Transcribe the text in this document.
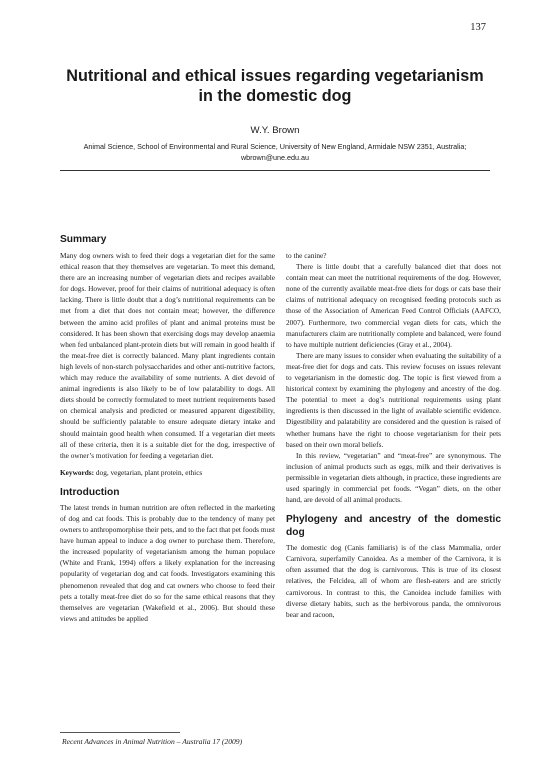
137
Nutritional and ethical issues regarding vegetarianism in the domestic dog
W.Y. Brown
Animal Science, School of Environmental and Rural Science, University of New England, Armidale NSW 2351, Australia; wbrown@une.edu.au
Summary

Many dog owners wish to feed their dogs a vegetarian diet for the same ethical reason that they themselves are vegetarian. To meet this demand, there are an increasing number of vegetarian diets and recipes available for dogs. However, proof for their claims of nutritional adequacy is often lacking. There is little doubt that a dog’s nutritional requirements can be met from a diet that does not contain meat; however, the difference between the amino acid profiles of plant and animal proteins must be considered. It has been shown that exercising dogs may develop anaemia when fed unbalanced plant-protein diets but will remain in good health if the meat-free diet is correctly balanced. Many plant ingredients contain high levels of non-starch polysaccharides and other anti-nutritive factors, which may reduce the availability of some nutrients. A diet devoid of animal ingredients is also likely to be of low palatability to dogs. All diets should be correctly formulated to meet nutrient requirements based on chemical analysis and predicted or measured apparent digestibility, should be sufficiently palatable to ensure adequate dietary intake and should maintain good health when consumed. If a vegetarian diet meets all of these criteria, then it is a suitable diet for the dog, irrespective of the owner’s motivation for feeding a vegetarian diet.

Keywords: dog, vegetarian, plant protein, ethics

Introduction

The latest trends in human nutrition are often reflected in the marketing of dog and cat foods. This is probably due to the tendency of many pet owners to anthropomorphise their pets, and to the fact that pet foods must have human appeal to induce a dog owner to purchase them. Therefore, the increased popularity of vegetarianism among the human populace (White and Frank, 1994) offers a likely explanation for the increasing popularity of vegetarian dog and cat foods. Investigators examining this phenomenon revealed that dog and cat owners who choose to feed their pets a totally meat-free diet do so for the same ethical reasons that they themselves are vegetarian (Wakefield et al., 2006). But should these views and attitudes be applied

to the canine?

There is little doubt that a carefully balanced diet that does not contain meat can meet the nutritional requirements of the dog. However, none of the currently available meat-free diets for dogs or cats base their claims of nutritional adequacy on recognised feeding protocols such as those of the Association of American Feed Control Officials (AAFCO, 2007). Furthermore, two commercial vegan diets for cats, which the manufacturers claim are nutritionally complete and balanced, were found to have multiple nutrient deficiencies (Gray et al., 2004).

There are many issues to consider when evaluating the suitability of a meat-free diet for dogs and cats. This review focuses on issues relevant to vegetarianism in the domestic dog. The topic is first viewed from a historical context by examining the phylogeny and ancestry of the dog. The potential to meet a dog’s nutritional requirements using plant ingredients is then discussed in the light of available scientific evidence. Digestibility and palatability are considered and the question is raised of whether humans have the right to choose vegetarianism for their pets based on their own moral beliefs.

In this review, “vegetarian” and “meat-free” are synonymous. The inclusion of animal products such as eggs, milk and their derivatives is permissible in vegetarian diets although, in practice, these ingredients are used sparingly in commercial pet foods. “Vegan” diets, on the other hand, are devoid of all animal products.

Phylogeny and ancestry of the domestic dog

The domestic dog (Canis familiaris) is of the class Mammalia, order Carnivora, superfamily Canoidea. As a member of the Carnivora, it is often assumed that the dog is carnivorous. This is true of its closest relatives, the Felcidea, all of whom are flesh-eaters and are strictly carnivorous. In contrast to this, the Canoidea include families with diverse dietary habits, such as the herbivorous panda, the omnivorous bear and racoon,

Recent Advances in Animal Nutrition – Australia 17 (2009)
